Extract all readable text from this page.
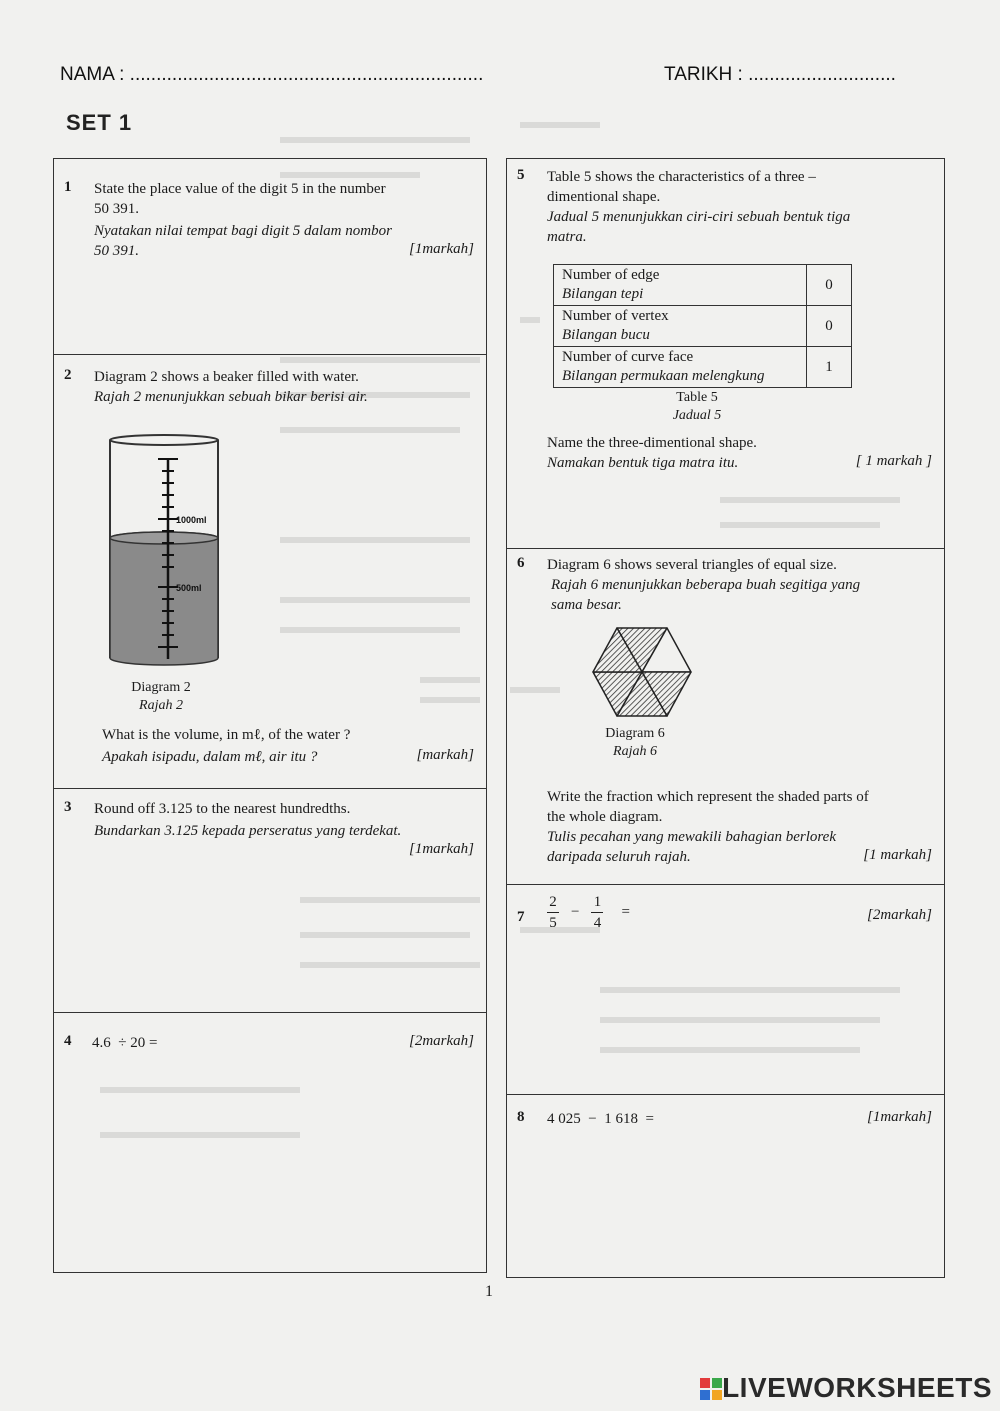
NAMA : ...................................................................	TARIKH : ............................
SET 1
1 State the place value of the digit 5 in the number
50 391.
Nyatakan nilai tempat bagi digit 5 dalam nombor
50 391.	[1markah]
2 Diagram 2 shows a beaker filled with water.
Rajah 2 menunjukkan sebuah bikar berisi air.
1000ml
500ml
Diagram 2
Rajah 2
What is the volume, in mℓ, of the water ?
Apakah isipadu, dalam mℓ, air itu ?	[markah]
3 Round off 3.125 to the nearest hundredths.
Bundarkan 3.125 kepada perseratus yang terdekat.
[1markah]
4 4.6  ÷ 20 =	[2markah]
5 Table 5 shows the characteristics of a three –
dimentional shape.
Jadual 5 menunjukkan ciri-ciri sebuah bentuk tiga
matra.
Number of edge
Bilangan tepi	0

Number of vertex
Bilangan bucu	0

Number of curve face
Bilangan permukaan melengkung	1
Table 5
Jadual 5
Name the three-dimentional shape.
Namakan bentuk tiga matra itu.	[ 1 markah ]
6 Diagram 6 shows several triangles of equal size.
Rajah 6 menunjukkan beberapa buah segitiga yang
sama besar.
Diagram 6
Rajah 6
Write the fraction which represent the shaded parts of
the whole diagram.
Tulis pecahan yang mewakili bahagian berlorek
daripada seluruh rajah.	[1 markah]
$7 \frac{2}{5} - \frac{1}{4}$ =	[2markah]
8 4 025  −  1 618  =	[1markah]
1
LIVEWORKSHEETS
